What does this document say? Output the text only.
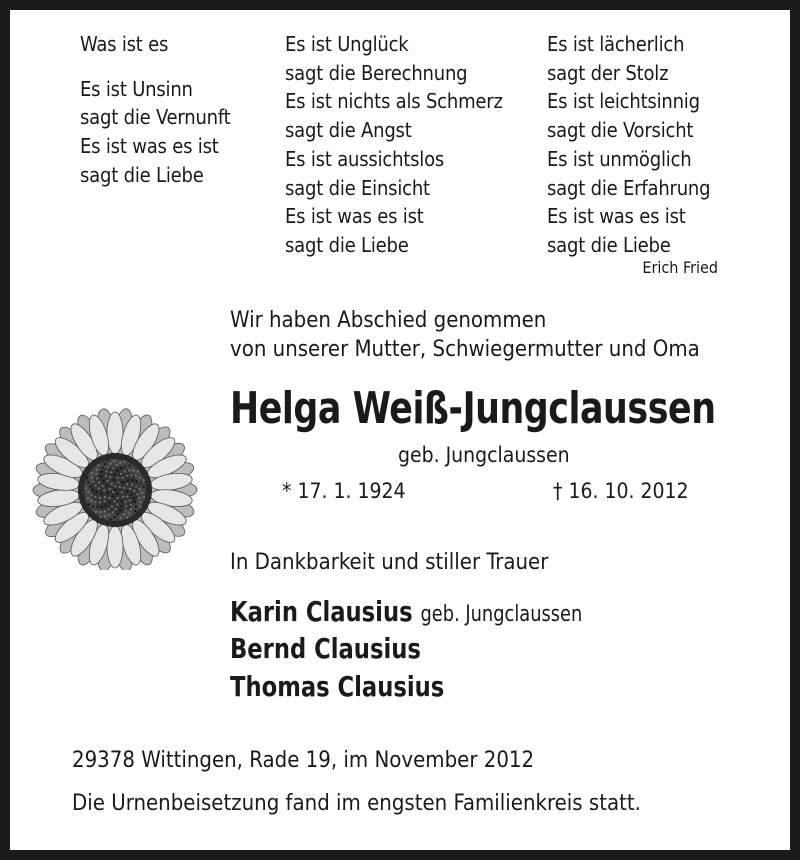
Was ist es
Es ist Unsinn
sagt die Vernunft
Es ist was es ist
sagt die Liebe
Es ist Unglück
sagt die Berechnung
Es ist nichts als Schmerz
sagt die Angst
Es ist aussichtslos
sagt die Einsicht
Es ist was es ist
sagt die Liebe
Es ist lächerlich
sagt der Stolz
Es ist leichtsinnig
sagt die Vorsicht
Es ist unmöglich
sagt die Erfahrung
Es ist was es ist
sagt die Liebe
Erich Fried
Wir haben Abschied genommen
von unserer Mutter, Schwiegermutter und Oma
Helga Weiß-Jungclaussen
geb. Jungclaussen
* 17. 1. 1924	† 16. 10. 2012
In Dankbarkeit und stiller Trauer
Karin Clausius geb. Jungclaussen
Bernd Clausius
Thomas Clausius
29378 Wittingen, Rade 19, im November 2012
Die Urnenbeisetzung fand im engsten Familienkreis statt.
